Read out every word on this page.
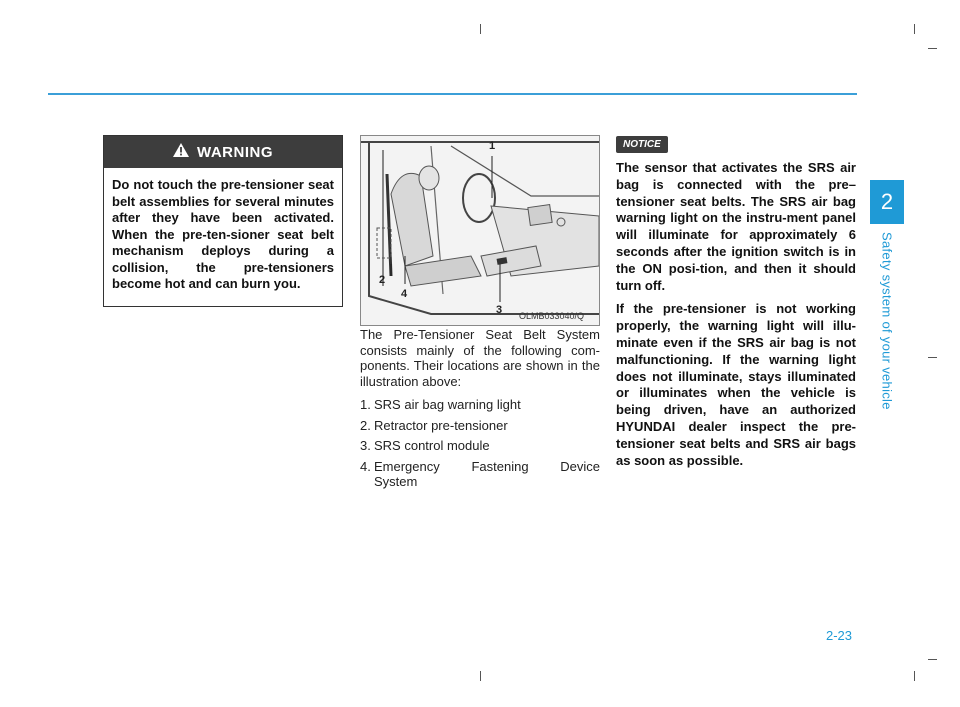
2
Safety system of your vehicle
WARNING
Do not touch the pre-tensioner seat belt assemblies for several minutes after they have been activated. When the pre-ten-sioner seat belt mechanism deploys during a collision, the pre-tensioners become hot and can burn you.
1
2
3
4
OLMB033040/Q

The Pre-Tensioner Seat Belt System consists mainly of the following com-ponents. Their locations are shown in the illustration above:

1. SRS air bag warning light
2. Retractor pre-tensioner
3. SRS control module
4. Emergency Fastening Device System
NOTICE

The sensor that activates the SRS air bag is connected with the pre–tensioner seat belts. The SRS air bag warning light on the instru-ment panel will illuminate for approximately 6 seconds after the ignition switch is in the ON posi-tion, and then it should turn off.

If the pre-tensioner is not working properly, the warning light will illu-minate even if the SRS air bag is not malfunctioning. If the warning light does not illuminate, stays illuminated or illuminates when the vehicle is being driven, have an authorized HYUNDAI dealer inspect the pre-tensioner seat belts and SRS air bags as soon as possible.

2-23
